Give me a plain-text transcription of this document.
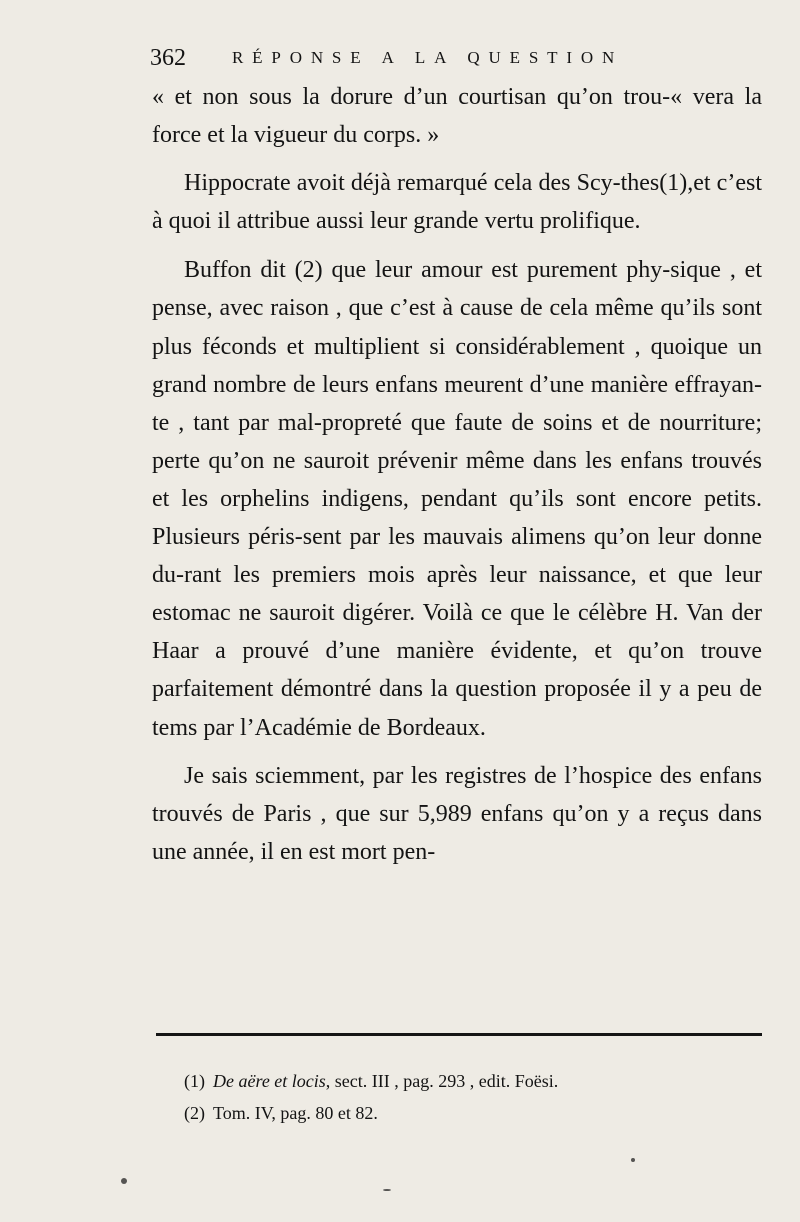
362	RÉPONSE A LA QUESTION

« et non sous la dorure d’un courtisan qu’on trou-« vera la force et la vigueur du corps. »

Hippocrate avoit déjà remarqué cela des Scy-thes(1),et c’est à quoi il attribue aussi leur grande vertu prolifique.

Buffon dit (2) que leur amour est purement phy-sique , et pense, avec raison , que c’est à cause de cela même qu’ils sont plus féconds et multiplient si considérablement , quoique un grand nombre de leurs enfans meurent d’une manière effrayan-te , tant par mal-propreté que faute de soins et de nourriture; perte qu’on ne sauroit prévenir même dans les enfans trouvés et les orphelins indigens, pendant qu’ils sont encore petits. Plusieurs péris-sent par les mauvais alimens qu’on leur donne du-rant les premiers mois après leur naissance, et que leur estomac ne sauroit digérer. Voilà ce que le célèbre H. Van der Haar a prouvé d’une manière évidente, et qu’on trouve parfaitement démontré dans la question proposée il y a peu de tems par l’Académie de Bordeaux.

Je sais sciemment, par les registres de l’hospice des enfans trouvés de Paris , que sur 5,989 enfans qu’on y a reçus dans une année, il en est mort pen-

(1) De aëre et locis, sect. III , pag. 293 , edit. Foësi.

(2) Tom. IV, pag. 80 et 82.
